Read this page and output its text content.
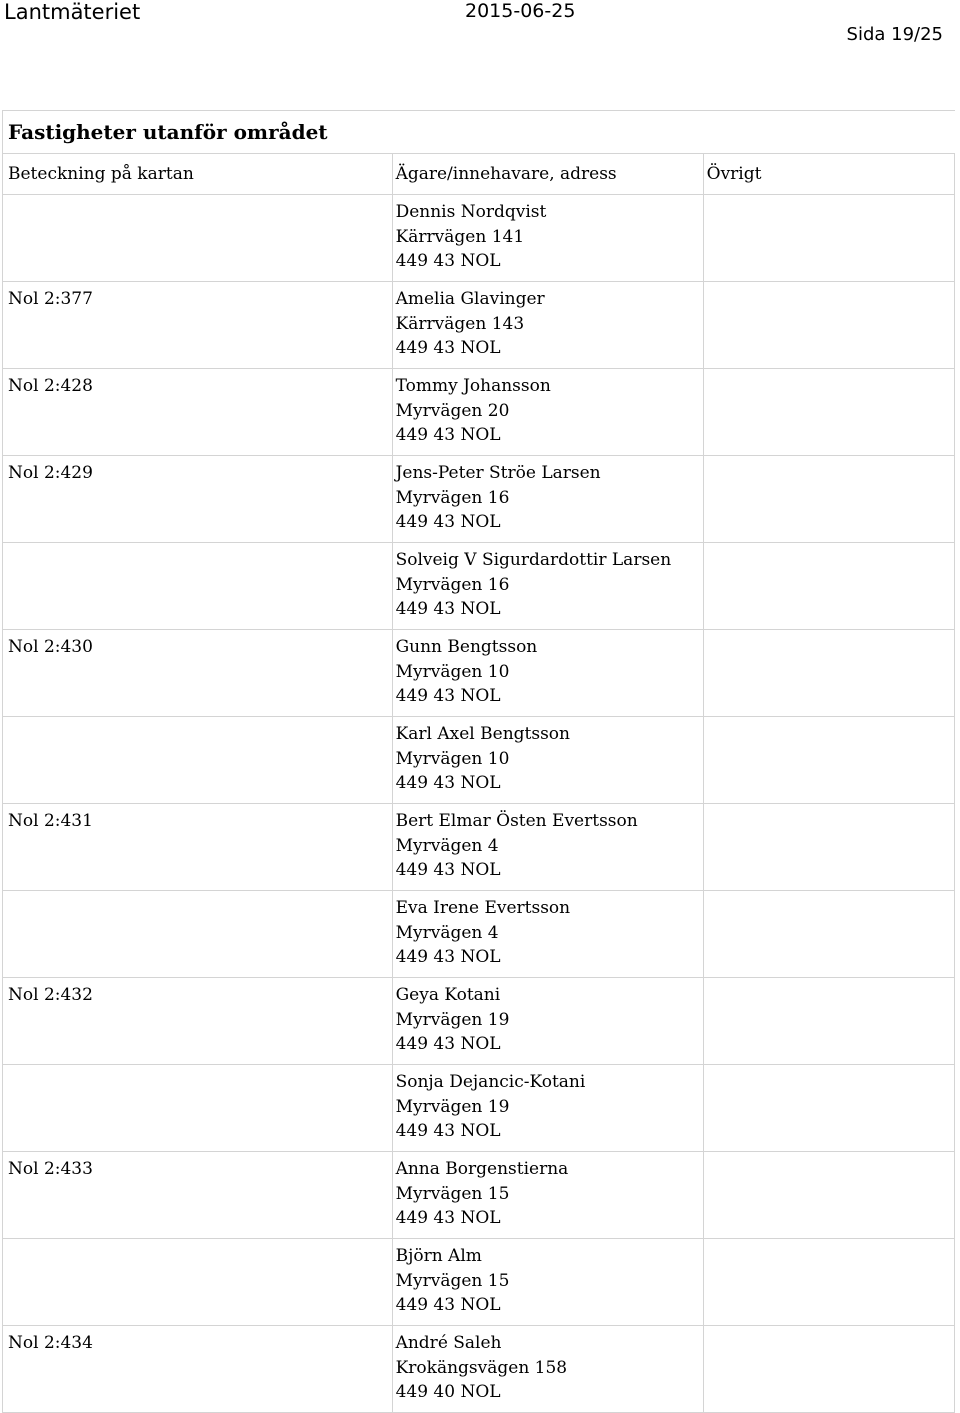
Lantmäteriet	2015-06-25
Sida 19/25
Fastigheter utanför området		
Beteckning på kartan	Ägare/innehavare, adress	Övrigt

	Dennis Nordqvist
Kärrvägen 141
449 43 NOL	

Nol 2:377	Amelia Glavinger
Kärrvägen 143
449 43 NOL	

Nol 2:428	Tommy Johansson
Myrvägen 20
449 43 NOL	

Nol 2:429	Jens-Peter Ströe Larsen
Myrvägen 16
449 43 NOL	

	Solveig V Sigurdardottir Larsen
Myrvägen 16
449 43 NOL	

Nol 2:430	Gunn Bengtsson
Myrvägen 10
449 43 NOL	

	Karl Axel Bengtsson
Myrvägen 10
449 43 NOL	

Nol 2:431	Bert Elmar Östen Evertsson
Myrvägen 4
449 43 NOL	

	Eva Irene Evertsson
Myrvägen 4
449 43 NOL	

Nol 2:432	Geya Kotani
Myrvägen 19
449 43 NOL	

	Sonja Dejancic-Kotani
Myrvägen 19
449 43 NOL	

Nol 2:433	Anna Borgenstierna
Myrvägen 15
449 43 NOL	

	Björn Alm
Myrvägen 15
449 43 NOL	

Nol 2:434	André Saleh
Krokängsvägen 158
449 40 NOL	
